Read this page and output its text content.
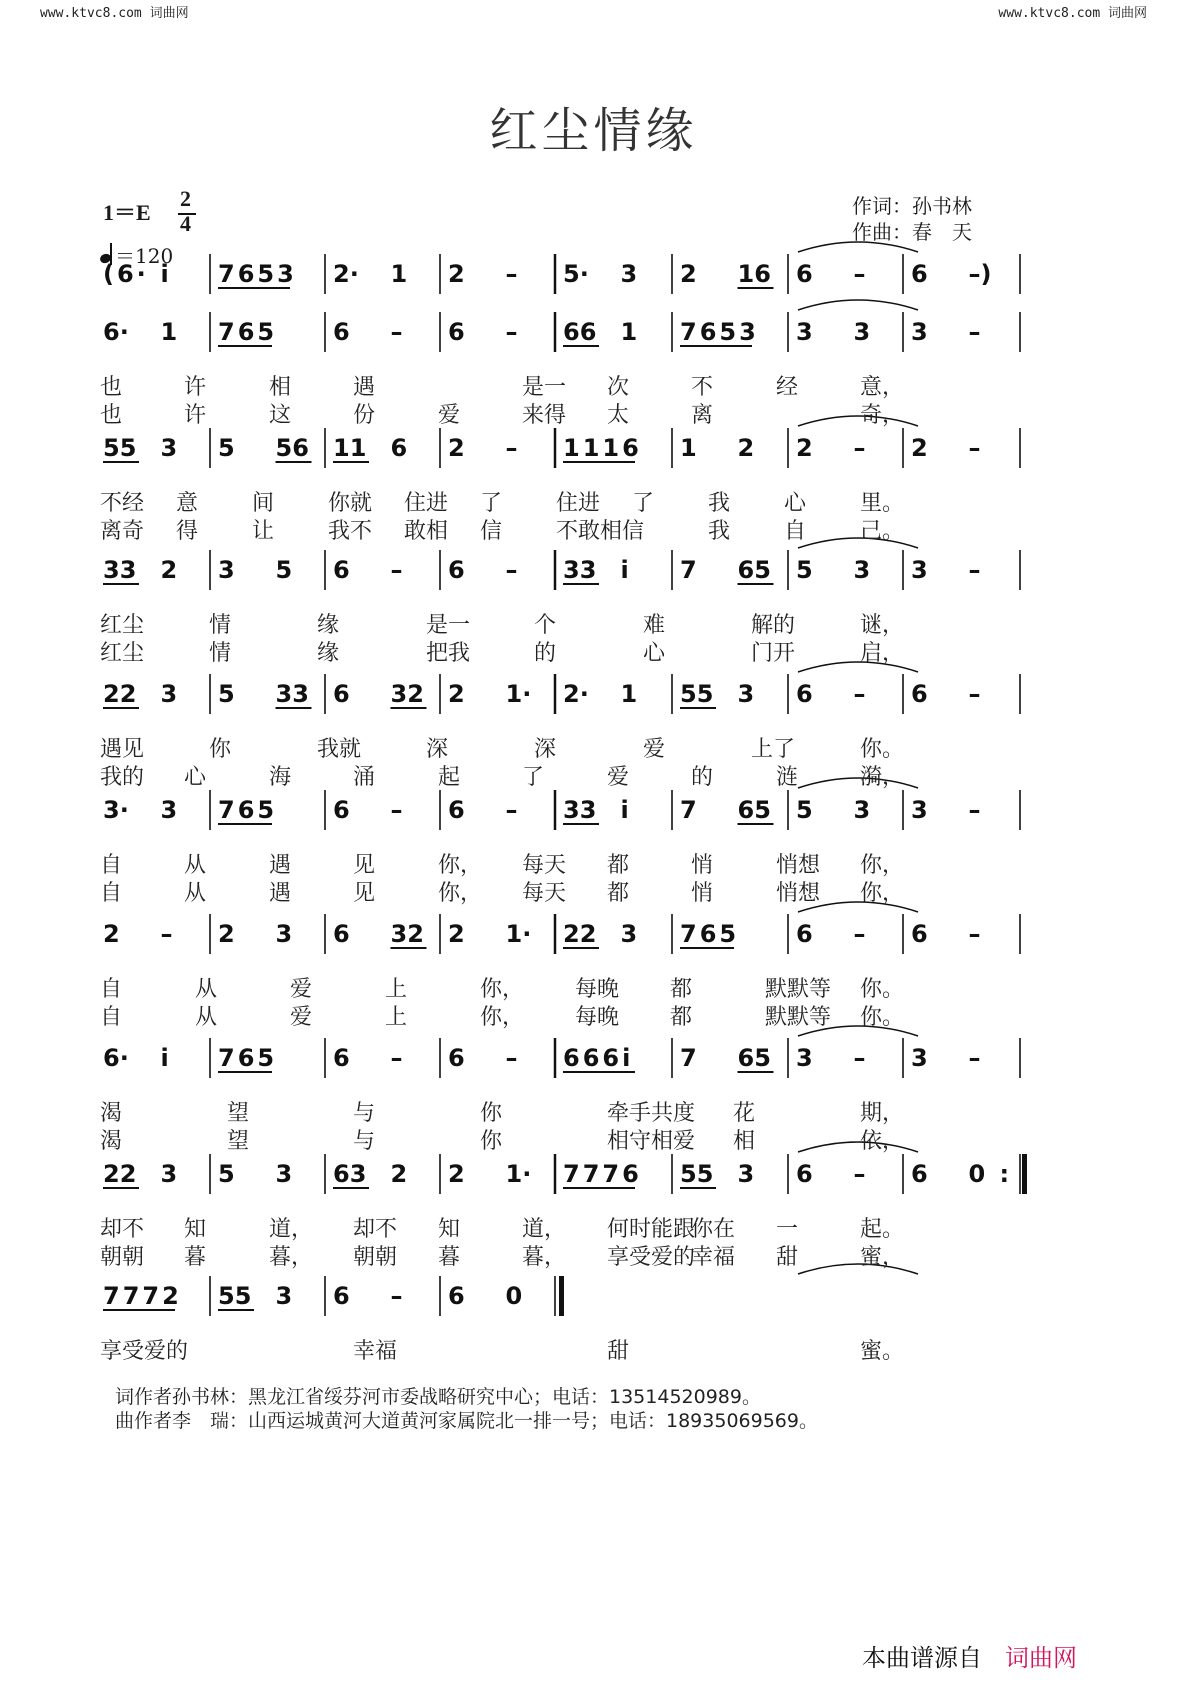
www.ktvc8.com 词曲网	www.ktvc8.com 词曲网
红尘情缘
1＝E
2
4
＝120
作词：孙书林
作曲：春　天
(6· i 7653 2· 1 2 – 5· 3 2 16 6 – 6 –)
6· 1 765 6 – 6 – 66 1 7653 3 3 3 –
55 3 5 56 11 6 2 – 1116 1 2 2 – 2 –
33 2 3 5 6 – 6 – 33 i 7 65 5 3 3 –
22 3 5 33 6 32 2 1· 2· 1 55 3 6 – 6 –
3· 3 765 6 – 6 – 33 i 7 65 5 3 3 –
2 – 2 3 6 32 2 1· 22 3 765 6 – 6 –
6· i 765 6 – 6 – 666i 7 65 3 – 3 –
22 3 5 3 63 2 2 1· 7776 55 3 6 – 6 0 :
7772 55 3 6 – 6 0
也	许	相	遇	是一 次	不	经	意，
也	许	这	份	爱	来得 太	离	奇，
不经 意 间 你就 住进 了 住进 了 我 心 里。
离奇 得 让 我不 敢相 信 不敢相信	我 自 己。
红尘	情	缘	是一	个	难	解的	谜，
红尘	情	缘	把我	的	心	门开	启，
遇见	你	我就	深	深	爱	上了	你。
我的 心	海	涌	起	了	爱	的	涟	漪，
自	从	遇	见	你， 每天 都	悄	悄想 你，
自	从	遇	见	你， 每天 都	悄	悄想 你，
自	从	爱	上	你， 每晚 都	默默等 你。
自	从	爱	上	你， 每晚 都	默默等 你。
渴	望	与	你	牵手共度 花	期，
渴	望	与	你	相守相爱 相	依，
却不 知	道， 却不 知	道， 何时能跟
你在 一	起。
朝朝 暮	暮， 朝朝 暮	暮， 享受爱的
幸福 甜	蜜，
享受爱的	幸福	甜	蜜。
词作者孙书林：黑龙江省绥芬河市委战略研究中心；电话：13514520989。
曲作者李　瑞：山西运城黄河大道黄河家属院北一排一号；电话：18935069569。
本曲谱源自 词曲网
